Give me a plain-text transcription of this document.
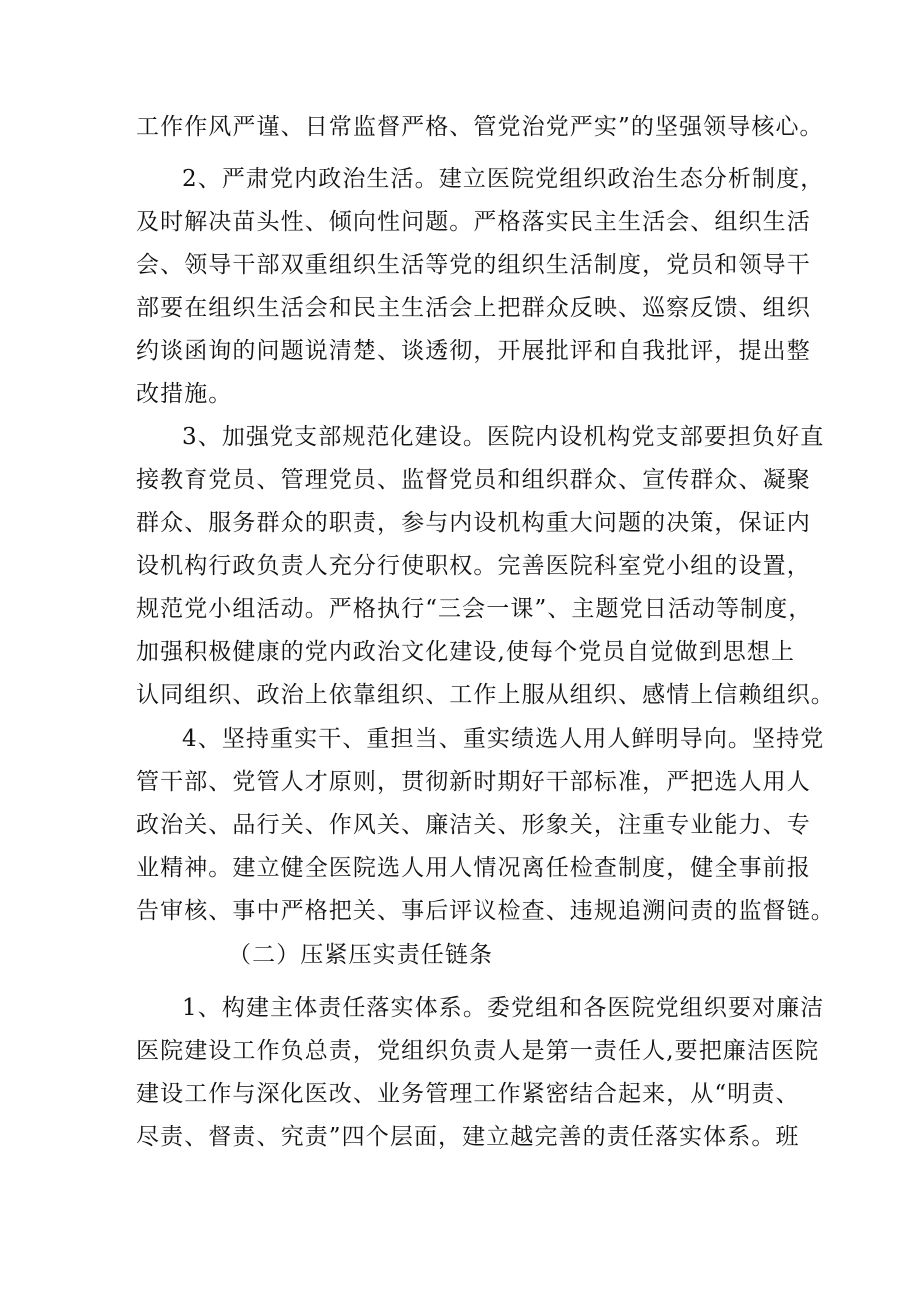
工作作风严谨、日常监督严格、管党治党严实”的坚强领导核心。
2、严肃党内政治生活。建立医院党组织政治生态分析制度，
及时解决苗头性、倾向性问题。严格落实民主生活会、组织生活
会、领导干部双重组织生活等党的组织生活制度，党员和领导干
部要在组织生活会和民主生活会上把群众反映、巡察反馈、组织
约谈函询的问题说清楚、谈透彻，开展批评和自我批评，提出整
改措施。
3、加强党支部规范化建设。医院内设机构党支部要担负好直
接教育党员、管理党员、监督党员和组织群众、宣传群众、凝聚
群众、服务群众的职责，参与内设机构重大问题的决策，保证内
设机构行政负责人充分行使职权。完善医院科室党小组的设置，
规范党小组活动。严格执行“三会一课”、主题党日活动等制度，
加强积极健康的党内政治文化建设,使每个党员自觉做到思想上
认同组织、政治上依靠组织、工作上服从组织、感情上信赖组织。
4、坚持重实干、重担当、重实绩选人用人鲜明导向。坚持党
管干部、党管人才原则，贯彻新时期好干部标准，严把选人用人
政治关、品行关、作风关、廉洁关、形象关，注重专业能力、专
业精神。建立健全医院选人用人情况离任检查制度，健全事前报
告审核、事中严格把关、事后评议检查、违规追溯问责的监督链。
（二）压紧压实责任链条
1、构建主体责任落实体系。委党组和各医院党组织要对廉洁
医院建设工作负总责，党组织负责人是第一责任人,要把廉洁医院
建设工作与深化医改、业务管理工作紧密结合起来，从“明责、
尽责、督责、究责”四个层面，建立越完善的责任落实体系。班
